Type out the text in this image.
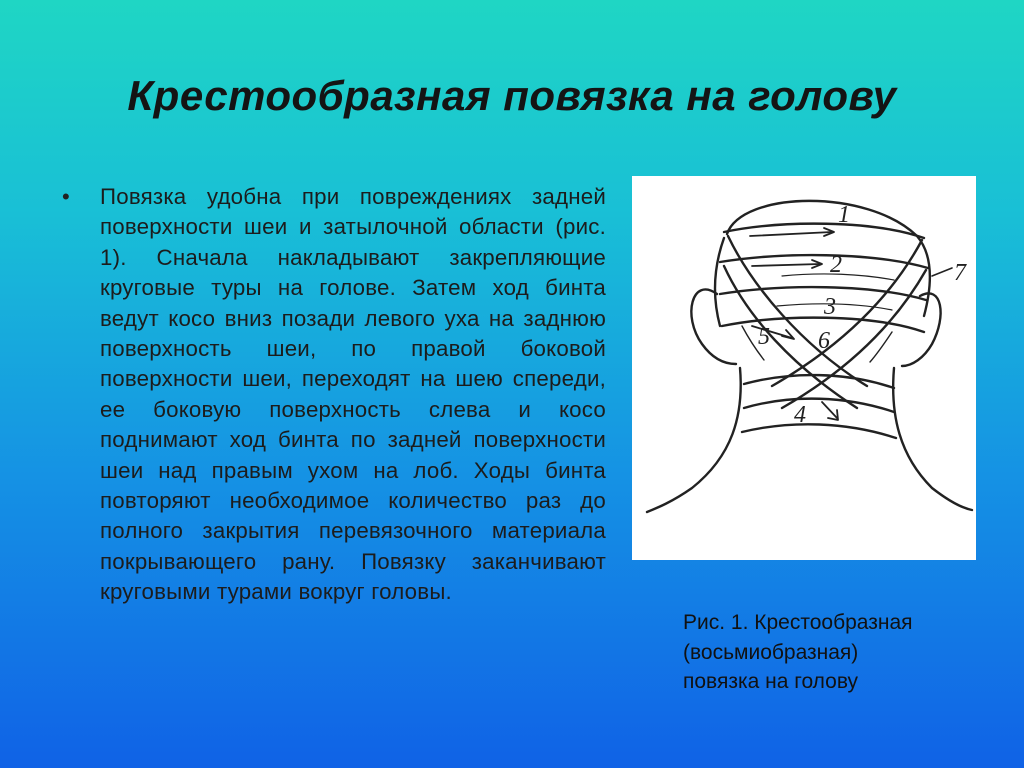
Крестообразная повязка на голову
• Повязка удобна при повреждениях задней поверхности шеи и затылочной области (рис. 1). Сначала накладывают закрепляющие круговые туры на голове. Затем ход бинта ведут косо вниз позади левого уха на заднюю поверхность шеи, по правой боковой поверхности шеи, переходят на шею спереди, ее боковую поверхность слева и косо поднимают ход бинта по задней поверхности шеи над правым ухом на лоб. Ходы бинта повторяют необходимое количество раз до полного закрытия перевязочного материала покрывающего рану. Повязку заканчивают круговыми турами вокруг головы.
1
2
3
4
5 6
7
Рис. 1. Крестообразная
(восьмиобразная)
повязка на голову
